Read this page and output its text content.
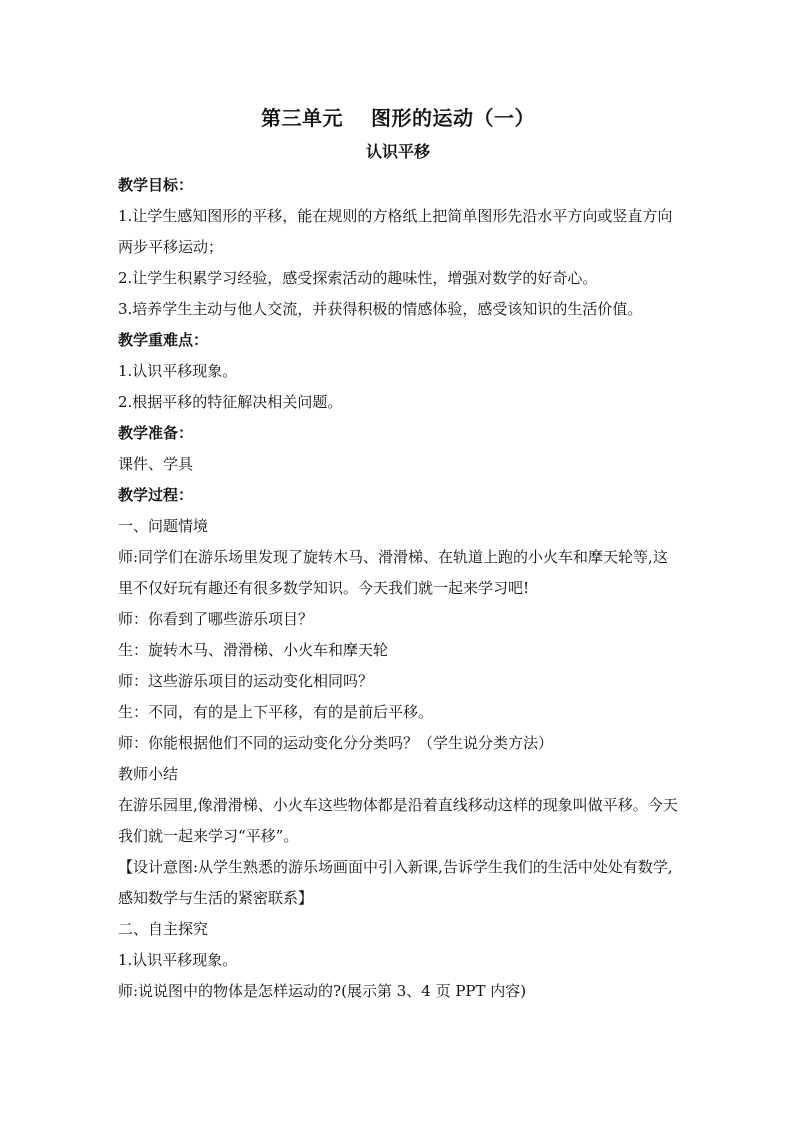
第三单元 图形的运动（一）
认识平移
教学目标：
1.让学生感知图形的平移，能在规则的方格纸上把简单图形先沿水平方向或竖直方向两步平移运动；
2.让学生积累学习经验，感受探索活动的趣味性，增强对数学的好奇心。
3.培养学生主动与他人交流，并获得积极的情感体验，感受该知识的生活价值。
教学重难点：
1.认识平移现象。
2.根据平移的特征解决相关问题。
教学准备：
课件、学具
教学过程：
一、问题情境
师:同学们在游乐场里发现了旋转木马、滑滑梯、在轨道上跑的小火车和摩天轮等,这里不仅好玩有趣还有很多数学知识。今天我们就一起来学习吧!
师：你看到了哪些游乐项目？
生：旋转木马、滑滑梯、小火车和摩天轮
师：这些游乐项目的运动变化相同吗？
生：不同，有的是上下平移，有的是前后平移。
师：你能根据他们不同的运动变化分分类吗？（学生说分类方法）
教师小结
在游乐园里,像滑滑梯、小火车这些物体都是沿着直线移动这样的现象叫做平移。今天我们就一起来学习“平移”。
【设计意图:从学生熟悉的游乐场画面中引入新课,告诉学生我们的生活中处处有数学,感知数学与生活的紧密联系】
二、自主探究
1.认识平移现象。
师:说说图中的物体是怎样运动的?(展示第 3、4 页 PPT 内容)
